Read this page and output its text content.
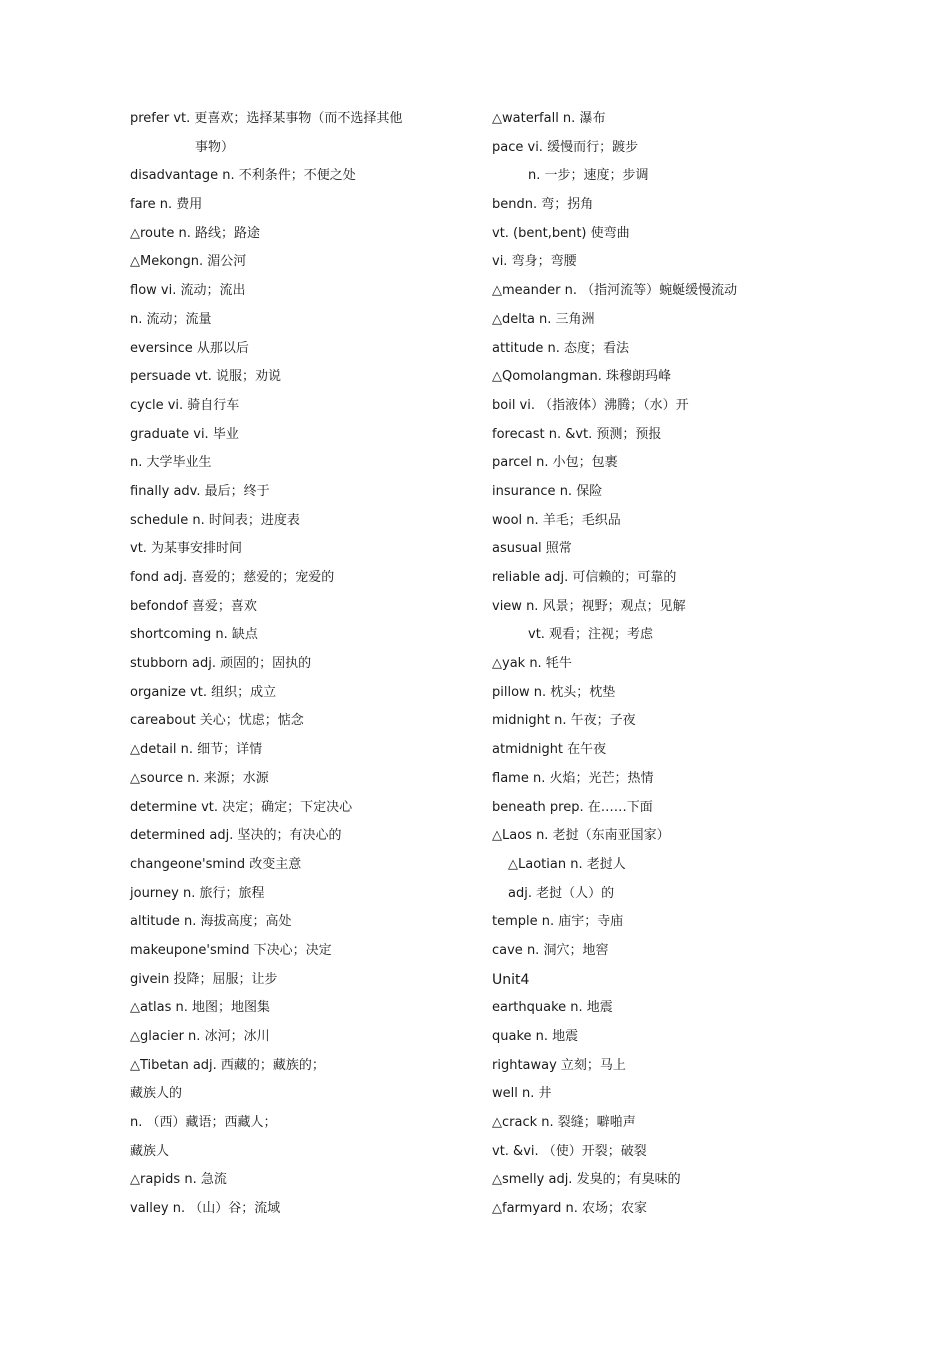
prefer vt. 更喜欢；选择某事物（而不选择其他
事物）
disadvantage n. 不利条件；不便之处
fare n. 费用
△route n. 路线；路途
△Mekongn. 湄公河
flow vi. 流动；流出
n. 流动；流量
eversince 从那以后
persuade vt. 说服；劝说
cycle vi. 骑自行车
graduate vi. 毕业
n. 大学毕业生
finally adv. 最后；终于
schedule n. 时间表；进度表
vt. 为某事安排时间
fond adj. 喜爱的；慈爱的；宠爱的
befondof 喜爱；喜欢
shortcoming n. 缺点
stubborn adj. 顽固的；固执的
organize vt. 组织；成立
careabout 关心；忧虑；惦念
△detail n. 细节；详情
△source n. 来源；水源
determine vt. 决定；确定；下定决心
determined adj. 坚决的；有决心的
changeone'smind 改变主意
journey n. 旅行；旅程
altitude n. 海拔高度；高处
makeupone'smind 下决心；决定
givein 投降；屈服；让步
△atlas n. 地图；地图集
△glacier n. 冰河；冰川
△Tibetan adj. 西藏的；藏族的；
藏族人的
n. （西）藏语；西藏人；
藏族人
△rapids n. 急流
valley n. （山）谷；流域
△waterfall n. 瀑布
pace vi. 缓慢而行；踱步
n. 一步；速度；步调
bendn. 弯；拐角
vt. (bent,bent) 使弯曲
vi. 弯身；弯腰
△meander n. （指河流等）蜿蜒缓慢流动
△delta n. 三角洲
attitude n. 态度；看法
△Qomolangman. 珠穆朗玛峰
boil vi. （指液体）沸腾；（水）开
forecast n. &vt. 预测；预报
parcel n. 小包；包裹
insurance n. 保险
wool n. 羊毛；毛织品
asusual 照常
reliable adj. 可信赖的；可靠的
view n. 风景；视野；观点；见解
vt. 观看；注视；考虑
△yak n. 牦牛
pillow n. 枕头；枕垫
midnight n. 午夜；子夜
atmidnight 在午夜
flame n. 火焰；光芒；热情
beneath prep. 在……下面
△Laos n. 老挝（东南亚国家）
△Laotian n. 老挝人
adj. 老挝（人）的
temple n. 庙宇；寺庙
cave n. 洞穴；地窖
Unit4
earthquake n. 地震
quake n. 地震
rightaway 立刻；马上
well n. 井
△crack n. 裂缝；噼啪声
vt. &vi. （使）开裂；破裂
△smelly adj. 发臭的；有臭味的
△farmyard n. 农场；农家
